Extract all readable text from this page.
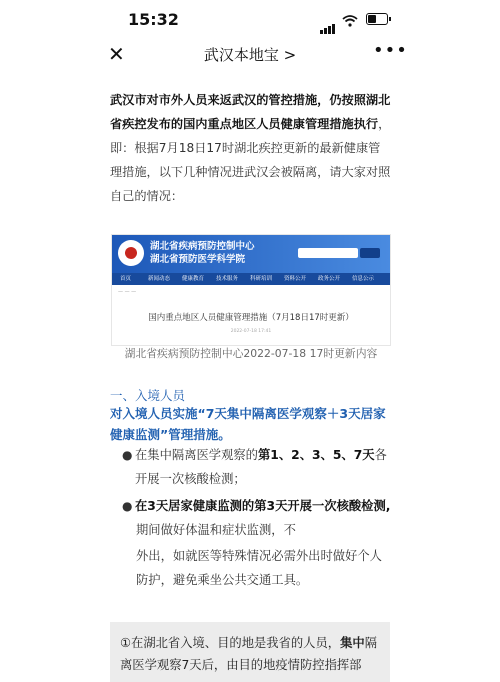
15:32
✕	武汉本地宝 >	•••
武汉市对市外人员来返武汉的管控措施，仍按照湖北省疾控发布的国内重点地区人员健康管理措施执行，即：根据7月18日17时湖北疾控更新的最新健康管理措施，以下几种情况进武汉会被隔离，请大家对照自己的情况：
湖北省疾病预防控制中心
湖北省预防医学科学院
首页	新闻动态 健康教育 技术服务 科研培训 资料公开 政务公开 信息公示
— — —
国内重点地区人员健康管理措施（7月18日17时更新）
2022-07-18 17:41
湖北省疾病预防控制中心2022-07-18 17时更新内容
一、入境人员
对入境人员实施“7天集中隔离医学观察＋3天居家健康监测”管理措施。
● 在集中隔离医学观察的第1、2、3、5、7天各开展一次核酸检测；
● 在3天居家健康监测的第3天开展一次核酸检测,
期间做好体温和症状监测，不
外出，如就医等特殊情况必需外出时做好个人防护，避免乘坐公共交通工具。
①在湖北省入境、目的地是我省的人员，集中隔离医学观察7天后，由目的地疫情防控指挥部
